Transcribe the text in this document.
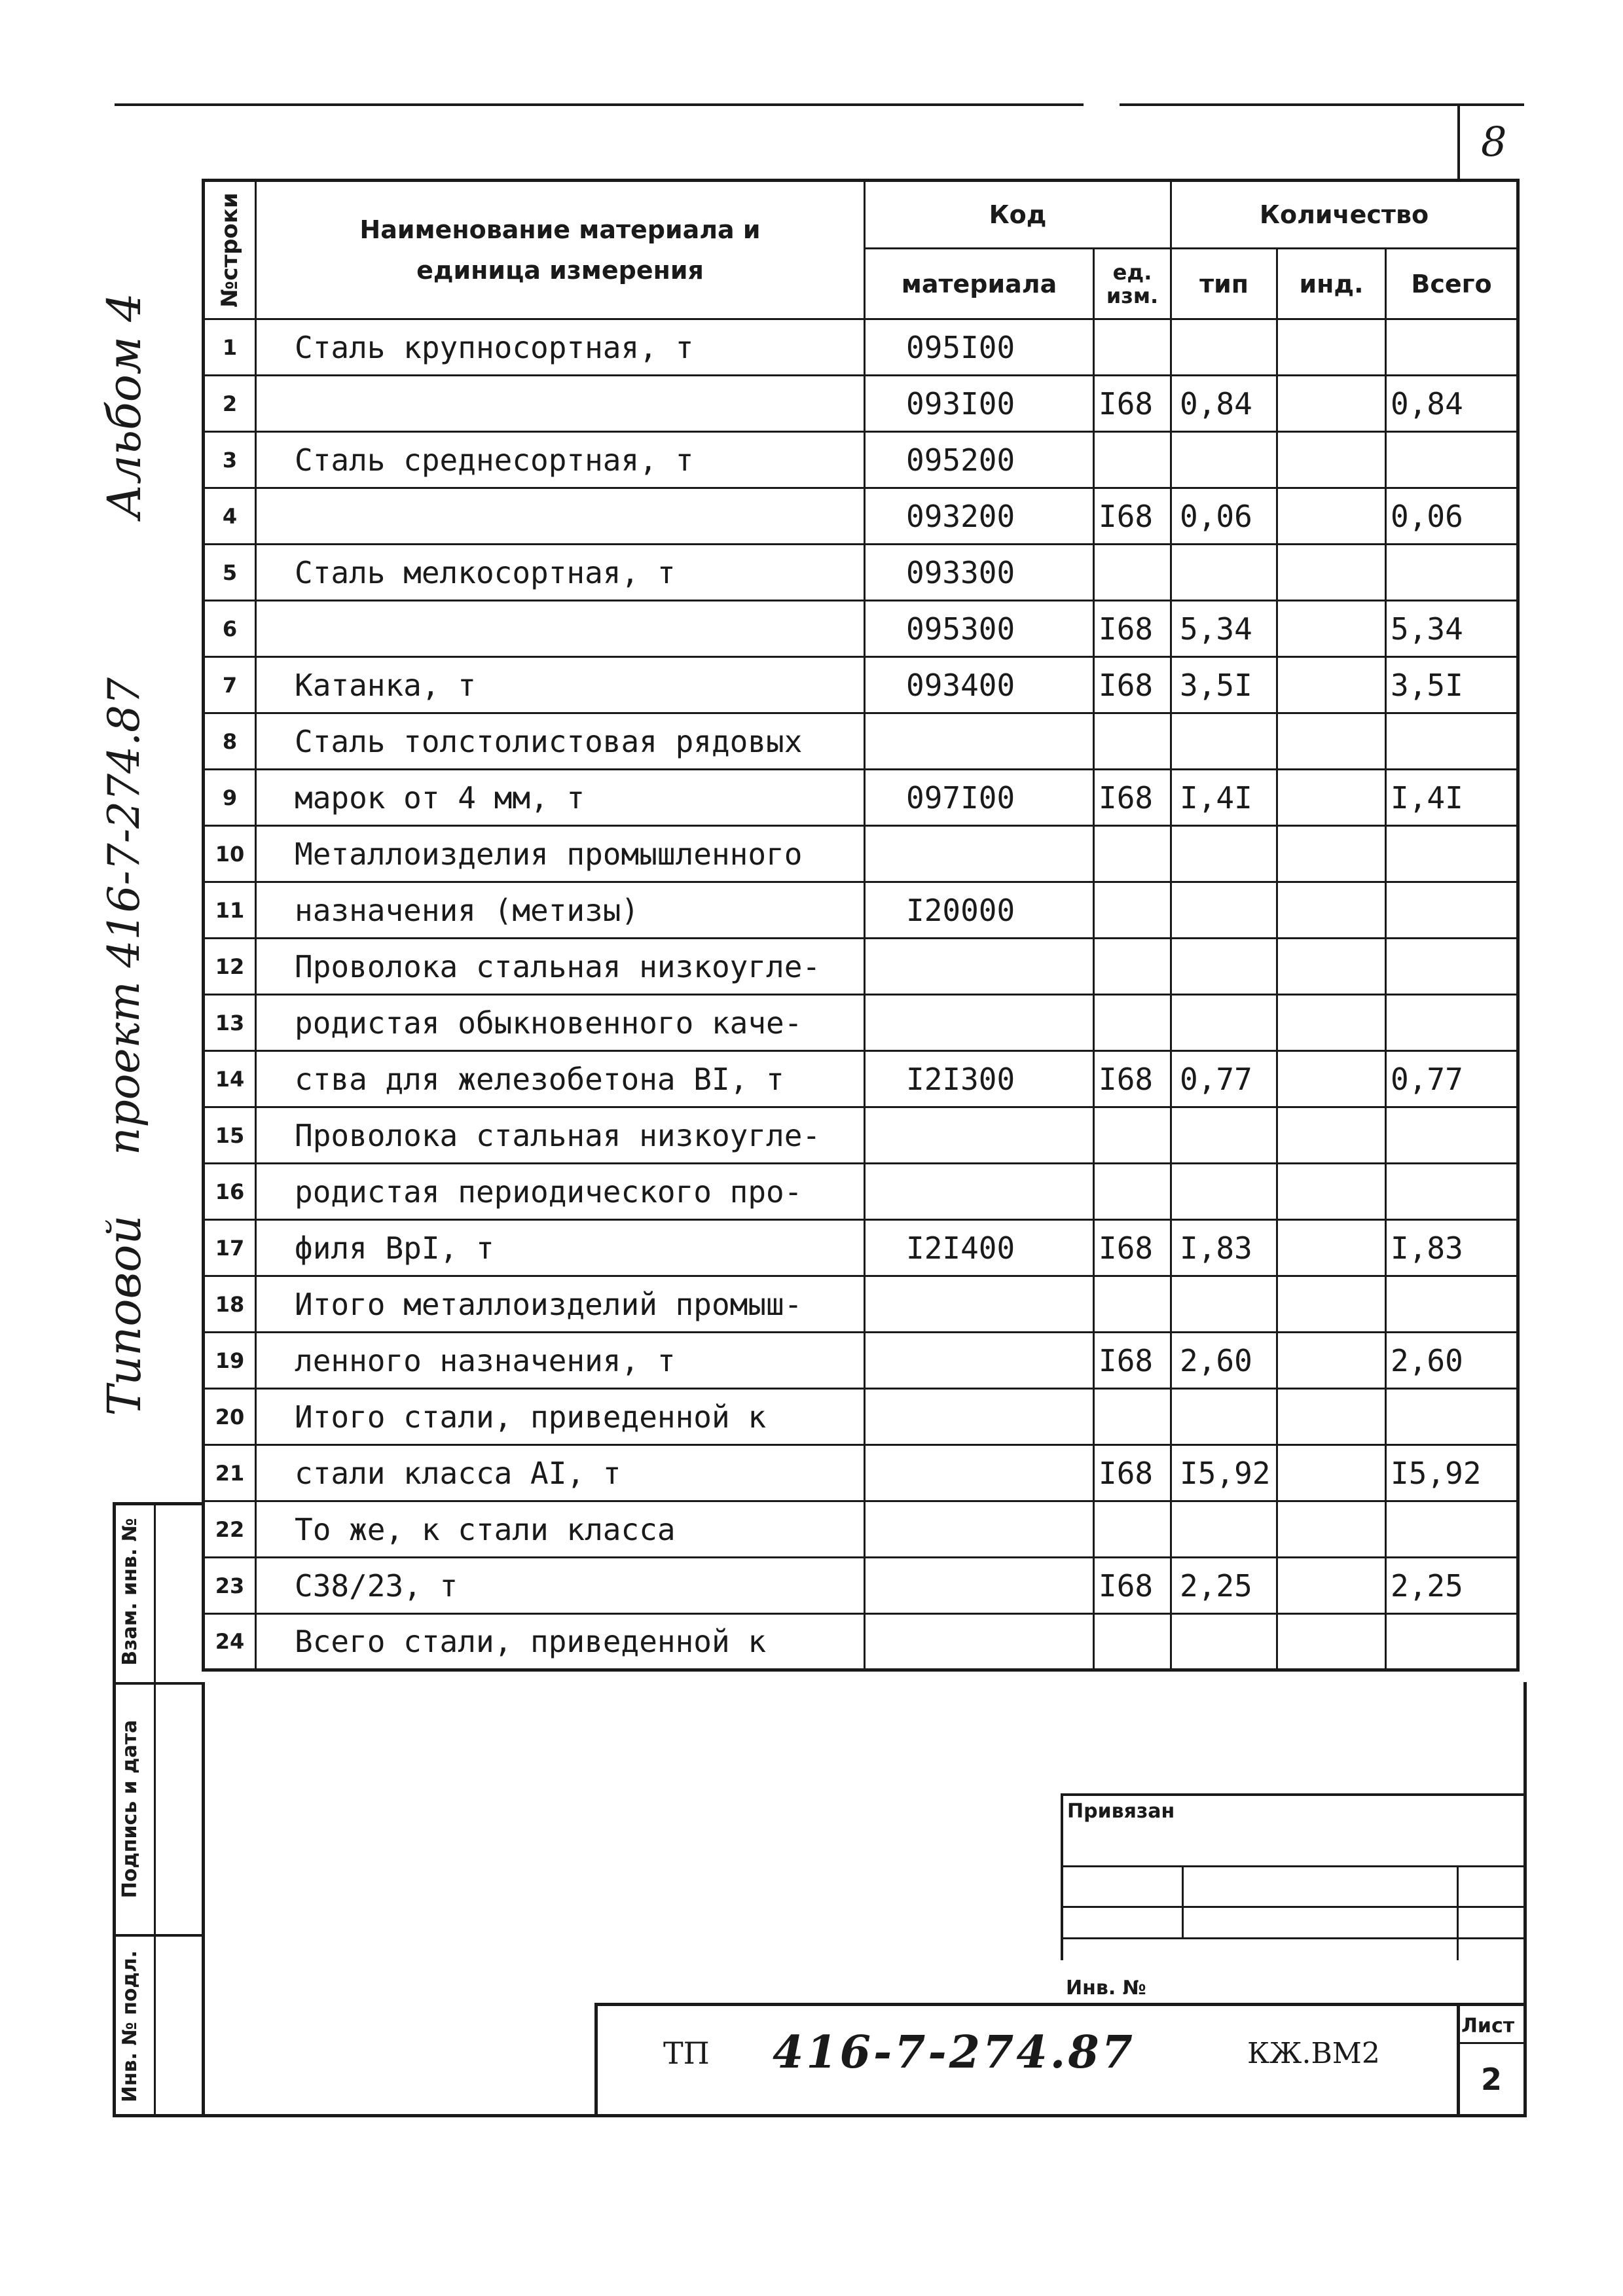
8
Альбом 4
проект 416-7-274.87
Типовой
№строки	Наименование материала и единица измерения	Код		Количество		
		материала	ед. изм.	тип	инд.	Всего
1	Сталь крупносортная, т	095I00				
2		093I00	I68	0,84		0,84
3	Сталь среднесортная, т	095200				
4		093200	I68	0,06		0,06
5	Сталь мелкосортная, т	093300				
6		095300	I68	5,34		5,34
7	Катанка, т	093400	I68	3,5I		3,5I
8	Сталь толстолистовая рядовых					
9	марок от 4 мм, т	097I00	I68	I,4I		I,4I
10	Металлоизделия промышленного					
11	назначения (метизы)	I20000				
12	Проволока стальная низкоугле-					
13	родистая обыкновенного каче-					
14	ства для железобетона BI, т	I2I300	I68	0,77		0,77
15	Проволока стальная низкоугле-					
16	родистая периодического про-					
17	филя BpI, т	I2I400	I68	I,83		I,83
18	Итого металлоизделий промыш-					
19	ленного назначения, т		I68	2,60		2,60
20	Итого стали, приведенной к					
21	стали класса AI, т		I68	I5,92		I5,92
22	То же, к стали класса					
23	C38/23, т		I68	2,25		2,25
24	Всего стали, приведенной к					
Взам. инв. №
Подпись и дата
Инв. № подл.
Привязан
Инв. №
ТП 416-7-274.87	КЖ.ВМ2
Лист
2
